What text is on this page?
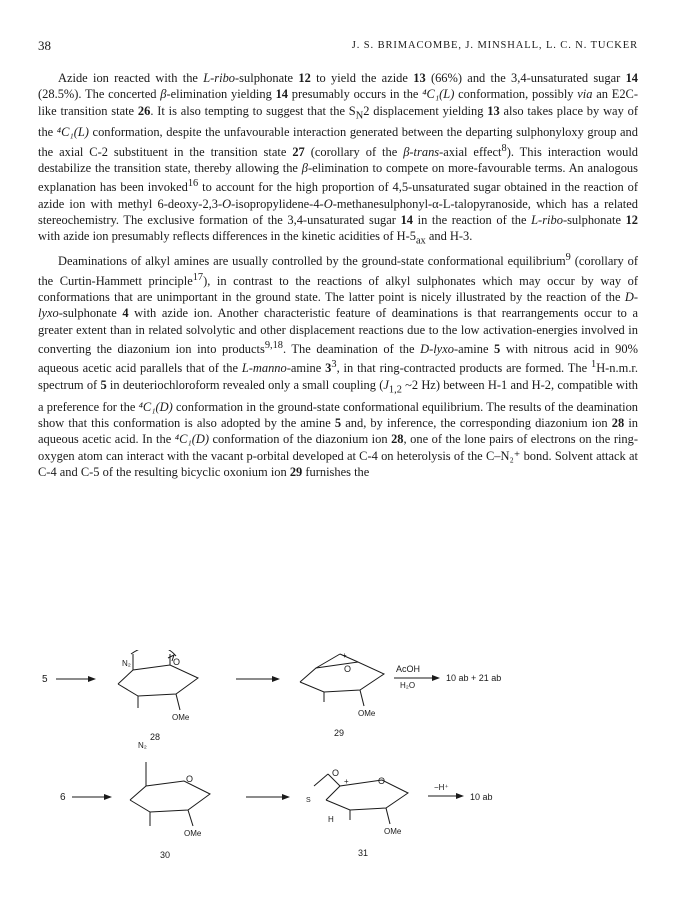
38	J. S. BRIMACOMBE, J. MINSHALL, L. C. N. TUCKER

Azide ion reacted with the L-ribo-sulphonate 12 to yield the azide 13 (66%) and the 3,4-unsaturated sugar 14 (28.5%). The concerted β-elimination yielding 14 presumably occurs in the ⁴C₁(L) conformation, possibly via an E2C-like transition state 26. It is also tempting to suggest that the $S_N2$ displacement yielding 13 also takes place by way of the ⁴C₁(L) conformation, despite the unfavourable interaction generated between the departing sulphonyloxy group and the axial C-2 substituent in the transition state 27 (corollary of the β-trans-axial effect$^8$). This interaction would destabilize the transition state, thereby allowing the β-elimination to compete on more-favourable terms. An analogous explanation has been invoked$^{16}$ to account for the high proportion of 4,5-unsaturated sugar obtained in the reaction of azide ion with methyl 6-deoxy-2,3-O-isopropylidene-4-O-methanesulphonyl-α-L-talopyranoside, which has a related stereochemistry. The exclusive formation of the 3,4-unsaturated sugar 14 in the reaction of the L-ribo-sulphonate 12 with azide ion presumably reflects differences in the kinetic acidities of $H-5_{ax}$ and H-3.

Deaminations of alkyl amines are usually controlled by the ground-state conformational equilibrium$^9$ (corollary of the Curtin-Hammett principle$^{17}$), in contrast to the reactions of alkyl sulphonates which may occur by way of conformations that are unimportant in the ground state. The latter point is nicely illustrated by the reaction of the D-lyxo-sulphonate 4 with azide ion. Another characteristic feature of deaminations is that rearrangements occur to a greater extent than in related solvolytic and other displacement reactions due to the low activation-energies involved in converting the diazonium ion into products$^{9,18}$. The deamination of the D-lyxo-amine 5 with nitrous acid in 90% aqueous acetic acid parallels that of the L-manno-amine $3^3$, in that ring-contracted products are formed. The $^1$H-n.m.r. spectrum of 5 in deuteriochloroform revealed only a small coupling ($J_{1,2}$ ~2 Hz) between H-1 and H-2, compatible with a preference for the ⁴C₁(D) conformation in the ground-state conformational equilibrium. The results of the deamination show that this conformation is also adopted by the amine 5 and, by inference, the corresponding diazonium ion 28 in aqueous acetic acid. In the ⁴C₁(D) conformation of the diazonium ion 28, one of the lone pairs of electrons on the ring-oxygen atom can interact with the vacant p-orbital developed at C-4 on heterolysis of the C–N₂⁺ bond. Solvent attack at C-4 and C-5 of the resulting bicyclic oxonium ion 29 furnishes the

5
N₂	O
OMe
28
+
O
OMe
29
AcOH
H₂O
10 ab + 21 ab
6
N₂
O
OMe
30
O
+
S
H
O
OMe
31
−H⁺
10 ab
